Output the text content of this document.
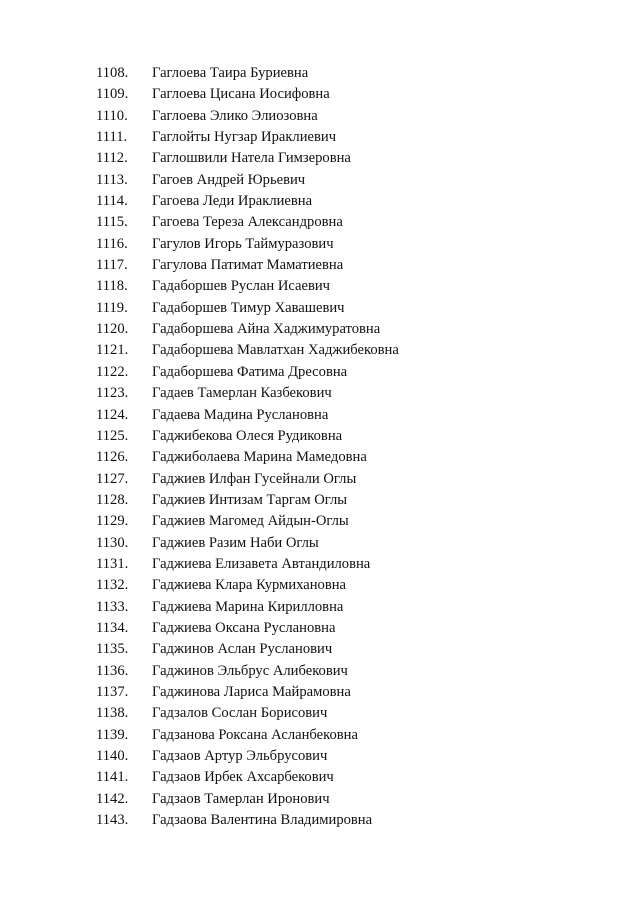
1108.	Гаглоева Таира Буриевна
1109.	Гаглоева Цисана Иосифовна
1110.	Гаглоева Элико Элиозовна
1111.	Гаглойты Нугзар Ираклиевич
1112.	Гаглошвили Натела Гимзеровна
1113.	Гагоев Андрей Юрьевич
1114.	Гагоева Леди Ираклиевна
1115.	Гагоева Тереза Александровна
1116.	Гагулов Игорь Таймуразович
1117.	Гагулова Патимат Маматиевна
1118.	Гадаборшев Руслан Исаевич
1119.	Гадаборшев Тимур Хавашевич
1120.	Гадаборшева Айна Хаджимуратовна
1121.	Гадаборшева Мавлатхан Хаджибековна
1122.	Гадаборшева Фатима Дресовна
1123.	Гадаев Тамерлан Казбекович
1124.	Гадаева Мадина Руслановна
1125.	Гаджибекова Олеся Рудиковна
1126.	Гаджиболаева Марина Мамедовна
1127.	Гаджиев Илфан Гусейнали Оглы
1128.	Гаджиев Интизам Таргам Оглы
1129.	Гаджиев Магомед Айдын-Оглы
1130.	Гаджиев Разим Наби Оглы
1131.	Гаджиева Елизавета Автандиловна
1132.	Гаджиева Клара Курмихановна
1133.	Гаджиева Марина Кирилловна
1134.	Гаджиева Оксана Руслановна
1135.	Гаджинов Аслан Русланович
1136.	Гаджинов Эльбрус Алибекович
1137.	Гаджинова Лариса Майрамовна
1138.	Гадзалов Сослан Борисович
1139.	Гадзанова Роксана Асланбековна
1140.	Гадзаов Артур Эльбрусович
1141.	Гадзаов Ирбек Ахсарбекович
1142.	Гадзаов Тамерлан Иронович
1143.	Гадзаова Валентина Владимировна
